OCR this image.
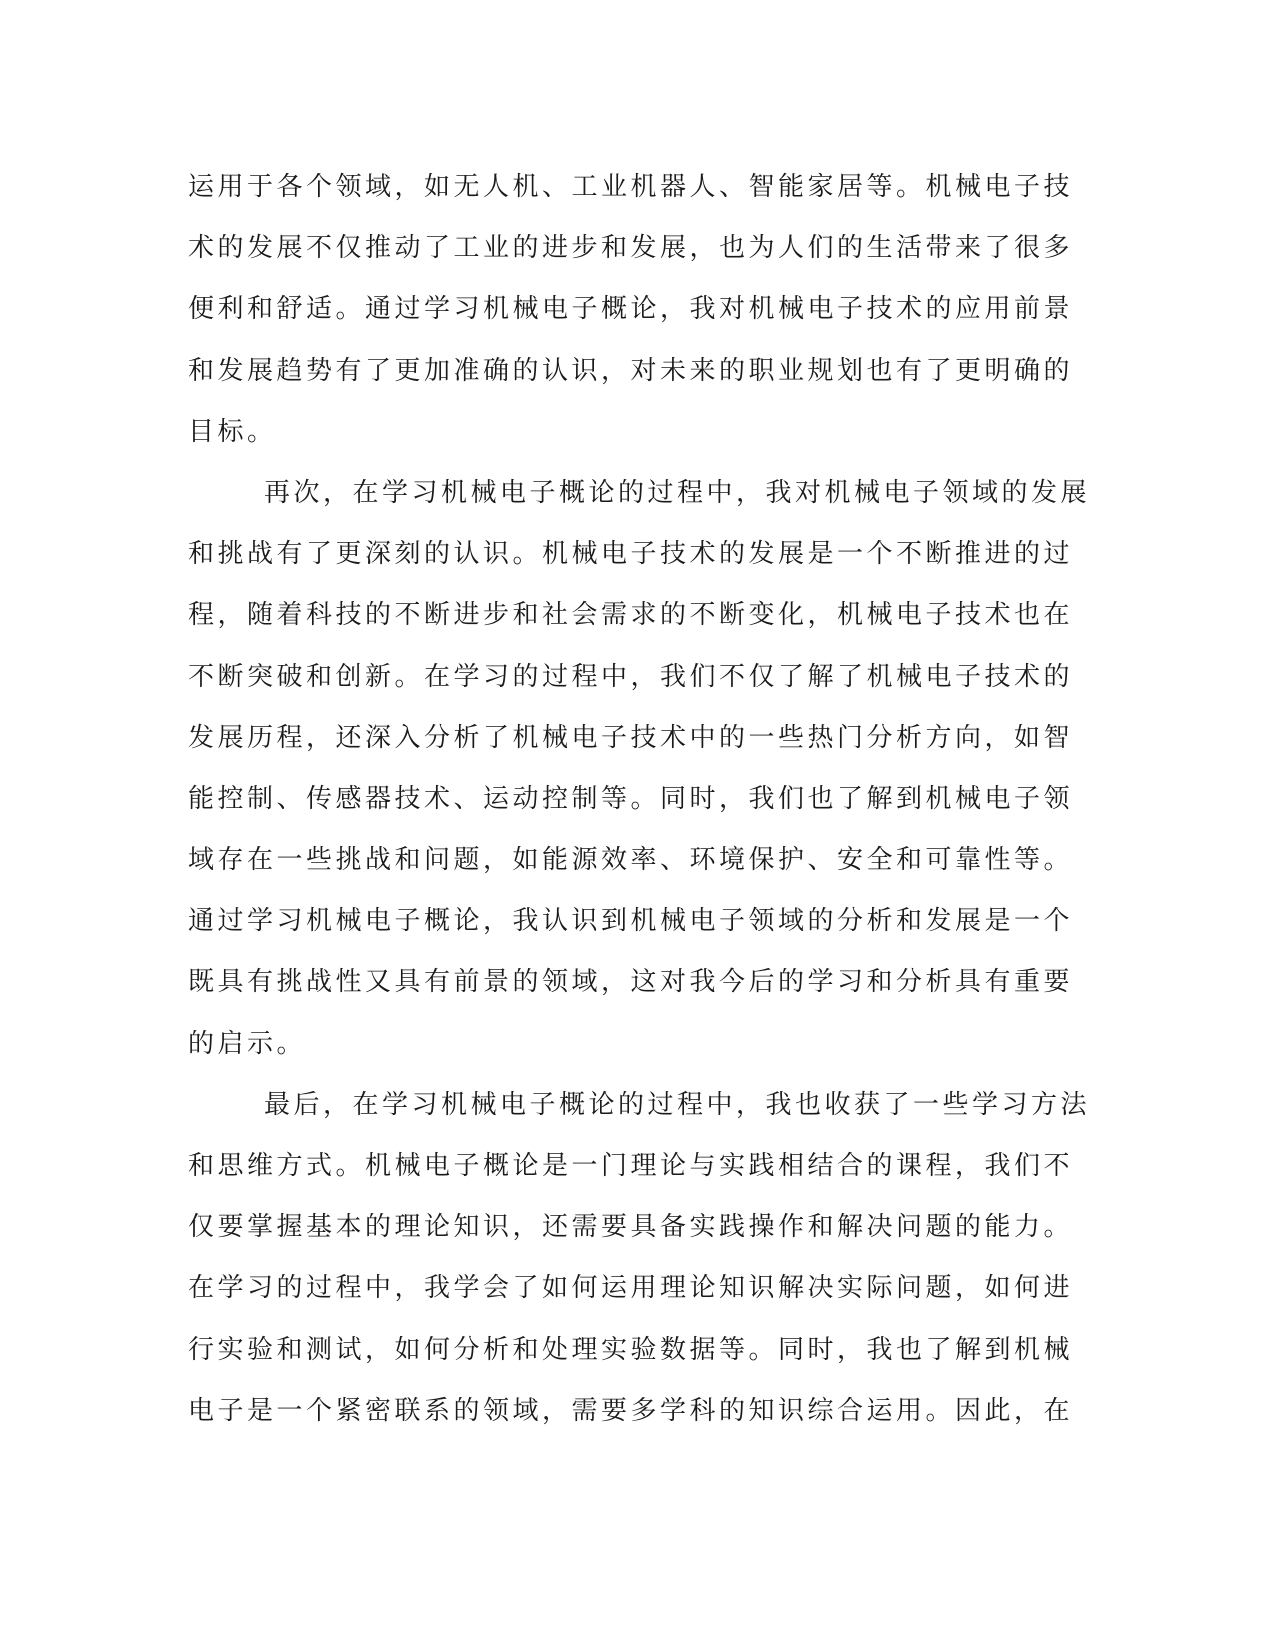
运用于各个领域，如无人机、工业机器人、智能家居等。机械电子技
术的发展不仅推动了工业的进步和发展，也为人们的生活带来了很多
便利和舒适。通过学习机械电子概论，我对机械电子技术的应用前景
和发展趋势有了更加准确的认识，对未来的职业规划也有了更明确的
目标。
再次，在学习机械电子概论的过程中，我对机械电子领域的发展
和挑战有了更深刻的认识。机械电子技术的发展是一个不断推进的过
程，随着科技的不断进步和社会需求的不断变化，机械电子技术也在
不断突破和创新。在学习的过程中，我们不仅了解了机械电子技术的
发展历程，还深入分析了机械电子技术中的一些热门分析方向，如智
能控制、传感器技术、运动控制等。同时，我们也了解到机械电子领
域存在一些挑战和问题，如能源效率、环境保护、安全和可靠性等。
通过学习机械电子概论，我认识到机械电子领域的分析和发展是一个
既具有挑战性又具有前景的领域，这对我今后的学习和分析具有重要
的启示。
最后，在学习机械电子概论的过程中，我也收获了一些学习方法
和思维方式。机械电子概论是一门理论与实践相结合的课程，我们不
仅要掌握基本的理论知识，还需要具备实践操作和解决问题的能力。
在学习的过程中，我学会了如何运用理论知识解决实际问题，如何进
行实验和测试，如何分析和处理实验数据等。同时，我也了解到机械
电子是一个紧密联系的领域，需要多学科的知识综合运用。因此，在
